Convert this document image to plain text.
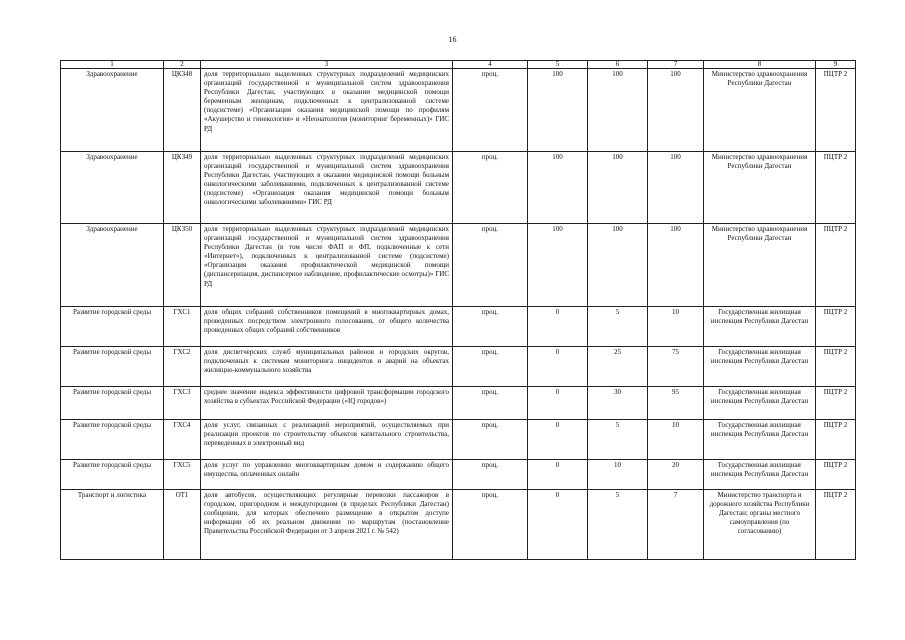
16
1	2	3	4	5	6	7	8	9
Здравоохранение	ЦКЗ48	доля территориально выделенных структурных подразделений медицинских организаций государственной и муниципальной систем здравоохранения Республики Дагестан, участвующих в оказании медицинской помощи беременным женщинам, подключенных к централизованной системе (подсистеме) «Организация оказания медицинской помощи по профилям «Акушерство и гинекология» и «Неонатология (мониторинг беременных)» ГИС РД	проц.	100	100	100	Министерство здравоохранения Республики Дагестан	ПЦТР 2
Здравоохранение	ЦКЗ49	доля территориально выделенных структурных подразделений медицинских организаций государственной и муниципальной систем здравоохранения Республики Дагестан, участвующих в оказании медицинской помощи больным онкологическими заболеваниями, подключенных к централизованной системе (подсистеме) «Организация оказания медицинской помощи больным онкологическими заболеваниями» ГИС РД	проц.	100	100	100	Министерство здравоохранения Республики Дагестан	ПЦТР 2
Здравоохранение	ЦКЗ50	доля территориально выделенных структурных подразделений медицинских организаций государственной и муниципальной систем здравоохранения Республики Дагестан (в том числе ФАП и ФП, подключенные к сети «Интернет»), подключенных к централизованной системе (подсистеме) «Организация оказания профилактической медицинской помощи (диспансеризация, диспансерное наблюдение, профилактические осмотры)» ГИС РД	проц.	100	100	100	Министерство здравоохранения Республики Дагестан	ПЦТР 2
Развитие городской среды	ГХС1	доля общих собраний собственников помещений в многоквартирных домах, проведенных посредством электронного голосования, от общего количества проведенных общих собраний собственников	проц.	0	5	10	Государственная жилищная инспекция Республики Дагестан	ПЦТР 2
Развитие городской среды	ГХС2	доля диспетчерских служб муниципальных районов и городских округов, подключенных к системам мониторинга инцидентов и аварий на объектах жилищно-коммунального хозяйства	проц.	0	25	75	Государственная жилищная инспекция Республики Дагестан	ПЦТР 2
Развитие городской среды	ГХС3	среднее значение индекса эффективности цифровой трансформации городского хозяйства в субъектах Российской Федерации («IQ городов»)	проц.	0	30	95	Государственная жилищная инспекция Республики Дагестан	ПЦТР 2
Развитие городской среды	ГХС4	доля услуг, связанных с реализацией мероприятий, осуществляемых при реализации проектов по строительству объектов капитального строительства, переведенных в электронный вид	проц.	0	5	10	Государственная жилищная инспекция Республики Дагестан	ПЦТР 2
Развитие городской среды	ГХС5	доля услуг по управлению многоквартирным домом и содержанию общего имущества, оплаченных онлайн	проц.	0	10	20	Государственная жилищная инспекция Республики Дагестан	ПЦТР 2
Транспорт и логистика	ОТ1	доля автобусов, осуществляющих регулярные перевозки пассажиров в городском, пригородном и междугородном (в пределах Республики Дагестан) сообщении, для которых обеспечено размещение в открытом доступе информации об их реальном движении по маршрутам (постановление Правительства Российской Федерации от 3 апреля 2021 г. № 542)	проц.	0	5	7	Министерство транспорта и дорожного хозяйства Республики Дагестан; органы местного самоуправления (по согласованию)	ПЦТР 2
